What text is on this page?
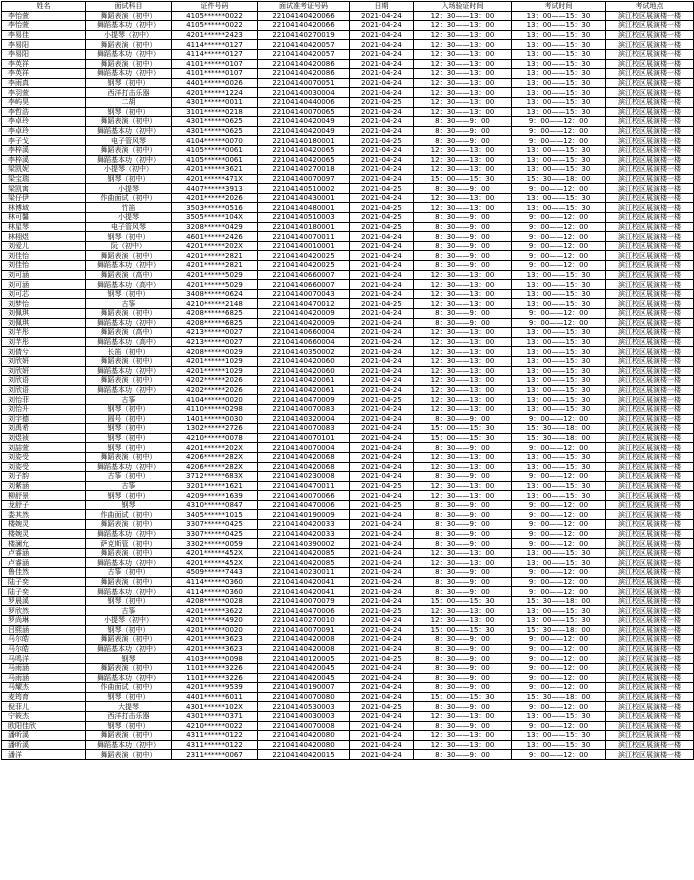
姓名	面试科目	证件号码	面试准考证号码	日期	入场验证时间	考试时间	考试地点
李怡萱	舞蹈表演（初中）	4105******0022	22104140420066	2021-04-24	12：30——13：00	13：00——15：30	滨江校区展演楼一楼
李怡萱	舞蹈基本功（初中）	4105******0022	22104140420066	2021-04-24	12：30——13：00	13：00——15：30	滨江校区展演楼一楼
李易佳	小提琴（初中）	4201******2423	22104140270019	2021-04-24	12：30——13：00	13：00——15：30	滨江校区展演楼一楼
李易阳	舞蹈表演（初中）	4114******0127	22104140420057	2021-04-24	12：30——13：00	13：00——15：30	滨江校区展演楼一楼
李易阳	舞蹈基本功（初中）	4114******0127	22104140420057	2021-04-24	12：30——13：00	13：00——15：30	滨江校区展演楼一楼
李英祥	舞蹈表演（初中）	4101******0107	22104140420086	2021-04-24	12：30——13：00	13：00——15：30	滨江校区展演楼一楼
李英祥	舞蹈基本功（初中）	4101******0107	22104140420086	2021-04-24	12：30——13：00	13：00——15：30	滨江校区展演楼一楼
李雨真	钢琴（初中）	4401******0026	22104140070051	2021-04-24	12：30——13：00	13：00——15：30	滨江校区展演楼一楼
李羽萱	西洋打击乐器	4201******1224	22104140030004	2021-04-24	12：30——13：00	13：00——15：30	滨江校区展演楼一楼
李屿昊	二胡	4301******0011	22104140440006	2021-04-25	12：30——13：00	13：00——15：30	滨江校区展演楼一楼
李哲浩	钢琴（初中）	3101******0218	22104140070065	2021-04-24	12：30——13：00	13：00——15：30	滨江校区展演楼一楼
李卓玲	舞蹈表演（初中）	4301******0625	22104140420049	2021-04-24	8：30——9：00	9：00——12：00	滨江校区展演楼一楼
李卓玲	舞蹈基本功（初中）	4301******0625	22104140420049	2021-04-24	8：30——9：00	9：00——12：00	滨江校区展演楼一楼
李子戈	电子管风琴	4104******0070	22104140180001	2021-04-25	8：30——9：00	9：00——12：00	滨江校区展演楼一楼
李梓溪	舞蹈表演（初中）	4105******0061	22104140420065	2021-04-24	12：30——13：00	13：00——15：30	滨江校区展演楼一楼
李梓溪	舞蹈基本功（初中）	4105******0061	22104140420065	2021-04-24	12：30——13：00	13：00——15：30	滨江校区展演楼一楼
梁凯妮	小提琴（初中）	4201******3621	22104140270018	2021-04-24	12：30——13：00	13：00——15：30	滨江校区展演楼一楼
梁宝瑞	钢琴（初中）	4201******471X	22104140070097	2021-04-24	15：00——15：30	15：30——18：00	滨江校区展演楼一楼
梁凯寓	小提琴	4407******3913	22104140510002	2021-04-25	8：30——9：00	9：00——12：00	滨江校区展演楼一楼
梁仔伊	作曲面试（初中）	4201******2026	22104140430001	2021-04-24	12：30——13：00	13：00——15：30	滨江校区展演楼一楼
林博域	竹笛	3503******0516	22104140480001	2021-04-25	12：30——13：00	13：00——15：30	滨江校区展演楼一楼
林可馨	小提琴	3505******104X	22104140510003	2021-04-25	8：30——9：00	9：00——12：00	滨江校区展演楼一楼
林星琴	电子管风琴	3208******0429	22104140180001	2021-04-25	8：30——9：00	9：00——12：00	滨江校区展演楼一楼
林栩煜	钢琴（初中）	4601******2426	22104140070011	2021-04-24	8：30——9：00	9：00——12：00	滨江校区展演楼一楼
刘爱儿	阮（初中）	4201******202X	22104140010001	2021-04-24	8：30——9：00	9：00——12：00	滨江校区展演楼一楼
刘佳怡	舞蹈表演（初中）	4201******2821	22104140420025	2021-04-24	8：30——9：00	9：00——12：00	滨江校区展演楼一楼
刘佳怡	舞蹈基本功（初中）	4201******2821	22104140420025	2021-04-24	8：30——9：00	9：00——12：00	滨江校区展演楼一楼
刘可涵	舞蹈表演（高中）	4201******5029	22104140660007	2021-04-24	12：30——13：00	13：00——15：30	滨江校区展演楼一楼
刘可涵	舞蹈基本功（高中）	4201******5029	22104140660007	2021-04-24	12：30——13：00	13：00——15：30	滨江校区展演楼一楼
刘可芯	钢琴（初中）	3408******0624	22104140070043	2021-04-24	12：30——13：00	13：00——15：30	滨江校区展演楼一楼
刘梦怡	古筝	4210******2148	22104140470012	2021-04-25	12：30——13：00	13：00——15：30	滨江校区展演楼一楼
刘佩琪	舞蹈表演（初中）	4208******6825	22104140420009	2021-04-24	8：30——9：00	9：00——12：00	滨江校区展演楼一楼
刘佩琪	舞蹈基本功（初中）	4208******6825	22104140420009	2021-04-24	8：30——9：00	9：00——12：00	滨江校区展演楼一楼
刘芊彤	舞蹈表演（高中）	4213******0027	22104140660004	2021-04-24	12：30——13：00	13：00——15：30	滨江校区展演楼一楼
刘芊彤	舞蹈基本功（高中）	4213******0027	22104140660004	2021-04-24	12：30——13：00	13：00——15：30	滨江校区展演楼一楼
刘倩兮	长笛（初中）	4208******0029	22104140350002	2021-04-24	12：30——13：00	13：00——15：30	滨江校区展演楼一楼
刘欣妍	舞蹈表演（初中）	4201******1029	22104140420060	2021-04-24	12：30——13：00	13：00——15：30	滨江校区展演楼一楼
刘欣妍	舞蹈基本功（初中）	4201******1029	22104140420060	2021-04-24	12：30——13：00	13：00——15：30	滨江校区展演楼一楼
刘欣语	舞蹈表演（初中）	4202******2026	22104140420061	2021-04-24	12：30——13：00	13：00——15：30	滨江校区展演楼一楼
刘欣语	舞蹈基本功（初中）	4202******2026	22104140420061	2021-04-24	12：30——13：00	13：00——15：30	滨江校区展演楼一楼
刘怡菲	古筝	4104******0020	22104140470009	2021-04-25	12：30——13：00	13：00——15：30	滨江校区展演楼一楼
刘怡升	钢琴（初中）	4110******0298	22104140070083	2021-04-24	12：30——13：00	13：00——15：30	滨江校区展演楼一楼
刘宇德	圆号（初中）	1401******0030	22104140320004	2021-04-24	8：30——9：00	9：00——12：00	滨江校区展演楼一楼
刘禹希	钢琴（初中）	1302******2726	22104140070083	2021-04-24	15：00——15：30	15：30——18：00	滨江校区展演楼一楼
刘煜祯	钢琴（初中）	4210******0078	22104140070101	2021-04-24	15：00——15：30	15：30——18：00	滨江校区展演楼一楼
刘喆萱	钢琴（初中）	4201******202X	22104140070004	2021-04-24	8：30——9：00	9：00——12：00	滨江校区展演楼一楼
刘姿受	舞蹈表演（初中）	4206******282X	22104140420068	2021-04-24	12：30——13：00	13：00——15：30	滨江校区展演楼一楼
刘姿受	舞蹈基本功（初中）	4206******282X	22104140420068	2021-04-24	12：30——13：00	13：00——15：30	滨江校区展演楼一楼
刘子韵	古筝（初中）	3712******683X	22104140230008	2021-04-24	8：30——9：00	9：00——12：00	滨江校区展演楼一楼
刘紫涵	古筝	3201******1621	22104140470011	2021-04-25	12：30——13：00	13：00——15：30	滨江校区展演楼一楼
柳舒景	钢琴（初中）	4209******1639	22104140070066	2021-04-24	12：30——13：00	13：00——15：30	滨江校区展演楼一楼
龙舒子	钢琴	4310******0847	22104140470006	2021-04-25	8：30——9：00	9：00——12：00	滨江校区展演楼一楼
娄其然	作曲面试（初中）	3405******1015	22104140190009	2021-04-24	8：30——9：00	9：00——12：00	滨江校区展演楼一楼
楼婉灵	舞蹈表演（初中）	3307******0425	22104140420033	2021-04-24	8：30——9：00	9：00——12：00	滨江校区展演楼一楼
楼婉灵	舞蹈基本功（初中）	3307******0425	22104140420033	2021-04-24	8：30——9：00	9：00——12：00	滨江校区展演楼一楼
楼澜允	萨克斯管（初中）	3302******0059	22104140390002	2021-04-24	8：30——9：00	9：00——12：00	滨江校区展演楼一楼
卢睿涵	舞蹈表演（初中）	4201******452X	22104140420085	2021-04-24	12：30——13：00	13：00——15：30	滨江校区展演楼一楼
卢睿涵	舞蹈基本功（初中）	4201******452X	22104140420085	2021-04-24	12：30——13：00	13：00——15：30	滨江校区展演楼一楼
鲁佳然	古筝（初中）	4509******7443	22104140230011	2021-04-24	8：30——9：00	9：00——12：00	滨江校区展演楼一楼
陆子奕	舞蹈表演（初中）	4114******0360	22104140420041	2021-04-24	8：30——9：00	9：00——12：00	滨江校区展演楼一楼
陆子奕	舞蹈基本功（初中）	4114******0360	22104140420041	2021-04-24	8：30——9：00	9：00——12：00	滨江校区展演楼一楼
罗晨溪	钢琴（初中）	4208******0028	22104140070079	2021-04-24	15：00——15：30	15：30——18：00	滨江校区展演楼一楼
罗欣然	古筝	4201******3622	22104140470006	2021-04-25	12：30——13：00	13：00——15：30	滨江校区展演楼一楼
罗尚琳	小提琴（初中）	4201******4920	22104140270010	2021-04-24	12：30——13：00	13：00——15：30	滨江校区展演楼一楼
吕熙涵	钢琴（初中）	4201******0020	22104140070091	2021-04-24	15：00——15：30	15：30——18：00	滨江校区展演楼一楼
马尔皓	舞蹈表演（初中）	4201******3623	22104140420008	2021-04-24	8：30——9：00	9：00——12：00	滨江校区展演楼一楼
马尔皓	舞蹈基本功（初中）	4201******3623	22104140420008	2021-04-24	8：30——9：00	9：00——12：00	滨江校区展演楼一楼
马鸣洋	钢琴	4103******0098	22104140120005	2021-04-25	8：30——9：00	9：00——12：00	滨江校区展演楼一楼
马雨涵	舞蹈表演（初中）	1101******3226	22104140420045	2021-04-24	8：30——9：00	9：00——12：00	滨江校区展演楼一楼
马雨涵	舞蹈基本功（初中）	1101******3226	22104140420045	2021-04-24	8：30——9：00	9：00——12：00	滨江校区展演楼一楼
马耀杰	作曲面试（初中）	4201******9539	22104140190007	2021-04-24	8：30——9：00	9：00——12：00	滨江校区展演楼一楼
麦筠育	钢琴（初中）	4401******6011	22104140070080	2021-04-24	15：00——15：30	15：30——18：00	滨江校区展演楼一楼
倪菲儿	大提琴	4301******102X	22104140530003	2021-04-25	8：30——9：00	9：00——12：00	滨江校区展演楼一楼
宁筱杰	西洋打击乐器	4301******0371	22104140030003	2021-04-24	12：30——13：00	13：00——15：30	滨江校区展演楼一楼
欧阳佳欣	钢琴（初中）	4210******0022	22104140070008	2021-04-24	8：30——9：00	9：00——12：00	滨江校区展演楼一楼
潘昕溪	舞蹈表演（初中）	4311******0122	22104140420080	2021-04-24	12：30——13：00	13：00——15：30	滨江校区展演楼一楼
潘昕溪	舞蹈基本功（初中）	4311******0122	22104140420080	2021-04-24	12：30——13：00	13：00——15：30	滨江校区展演楼一楼
潘洋	舞蹈表演（初中）	2311******0067	22104140420015	2021-04-24	8：30——9：00	9：00——12：00	滨江校区展演楼一楼
